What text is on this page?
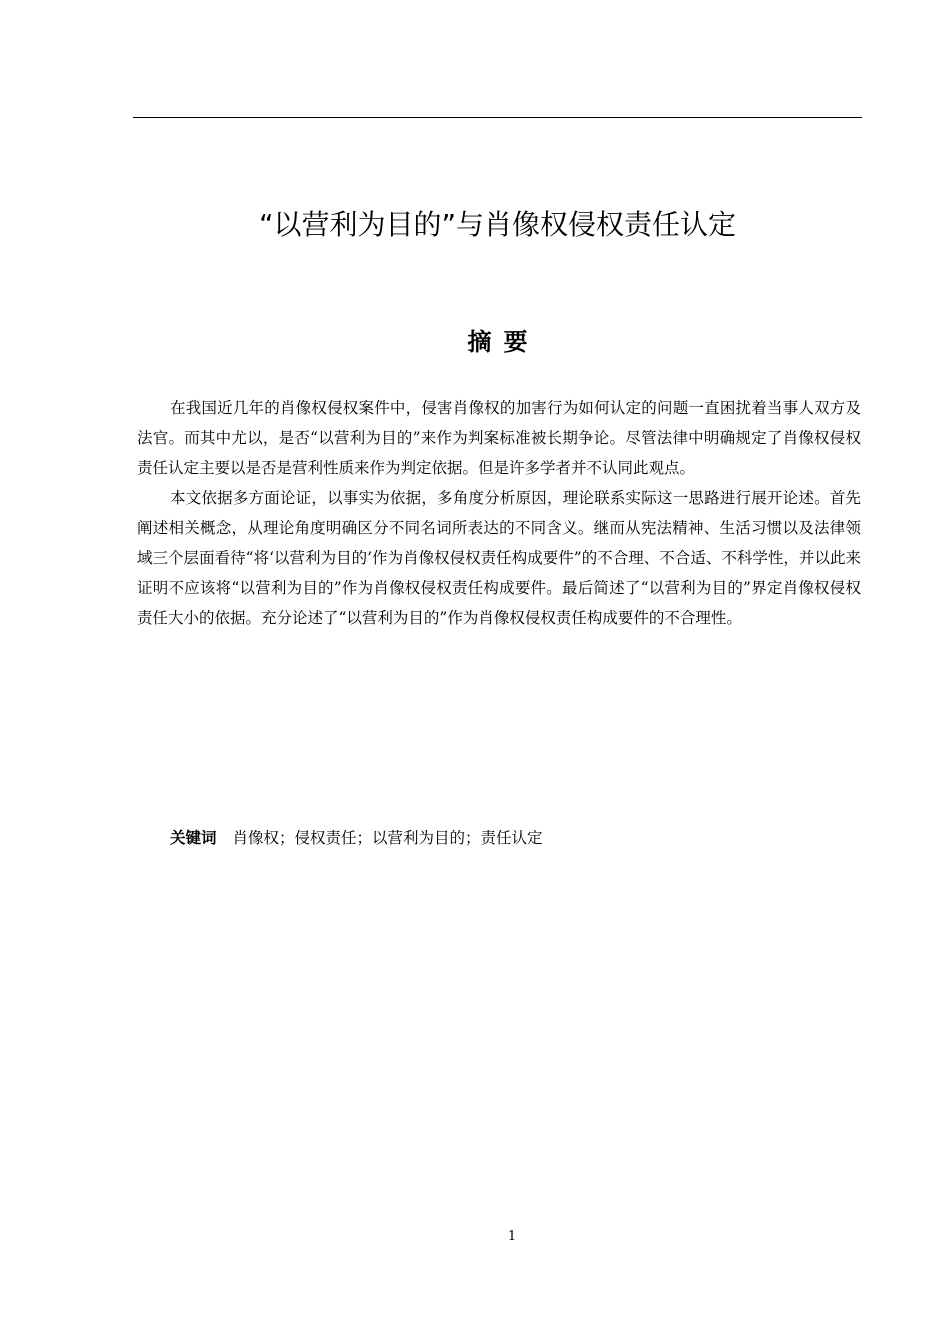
“以营利为目的”与肖像权侵权责任认定
摘要

在我国近几年的肖像权侵权案件中，侵害肖像权的加害行为如何认定的问题一直困扰着当事人双方及法官。而其中尤以，是否“以营利为目的”来作为判案标准被长期争论。尽管法律中明确规定了肖像权侵权责任认定主要以是否是营利性质来作为判定依据。但是许多学者并不认同此观点。

本文依据多方面论证，以事实为依据，多角度分析原因，理论联系实际这一思路进行展开论述。首先阐述相关概念，从理论角度明确区分不同名词所表达的不同含义。继而从宪法精神、生活习惯以及法律领域三个层面看待“将‘以营利为目的’作为肖像权侵权责任构成要件”的不合理、不合适、不科学性，并以此来证明不应该将“以营利为目的”作为肖像权侵权责任构成要件。最后简述了“以营利为目的”界定肖像权侵权责任大小的依据。充分论述了“以营利为目的”作为肖像权侵权责任构成要件的不合理性。

关键词 肖像权；侵权责任；以营利为目的；责任认定
1
